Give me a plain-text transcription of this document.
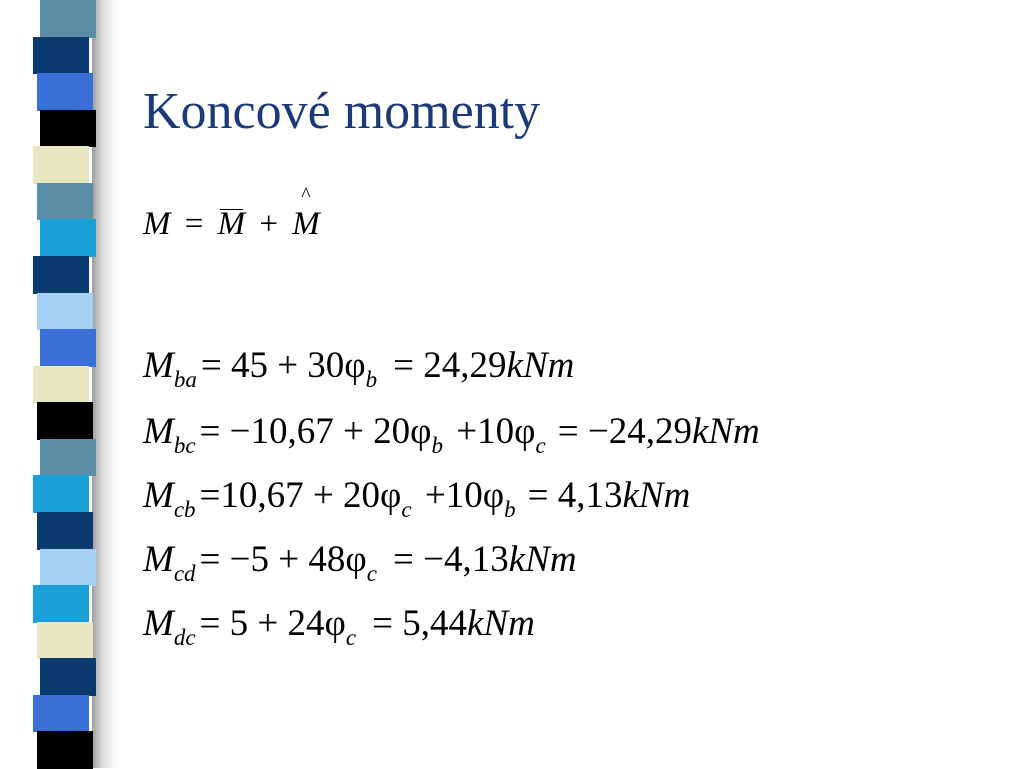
Koncové momenty
M = M +
^
M
$M_{ba} = 45 + 30\varphi_b = 24,29kNm$
$M_{bc} = -10,67 + 20\varphi_b +10\varphi_c = -24,29kNm$
$M_{cb} =10,67 + 20\varphi_c +10\varphi_b = 4,13kNm$
$M_{cd} = -5 + 48\varphi_c = -4,13kNm$
$M_{dc} = 5 + 24\varphi_c = 5,44kNm$
